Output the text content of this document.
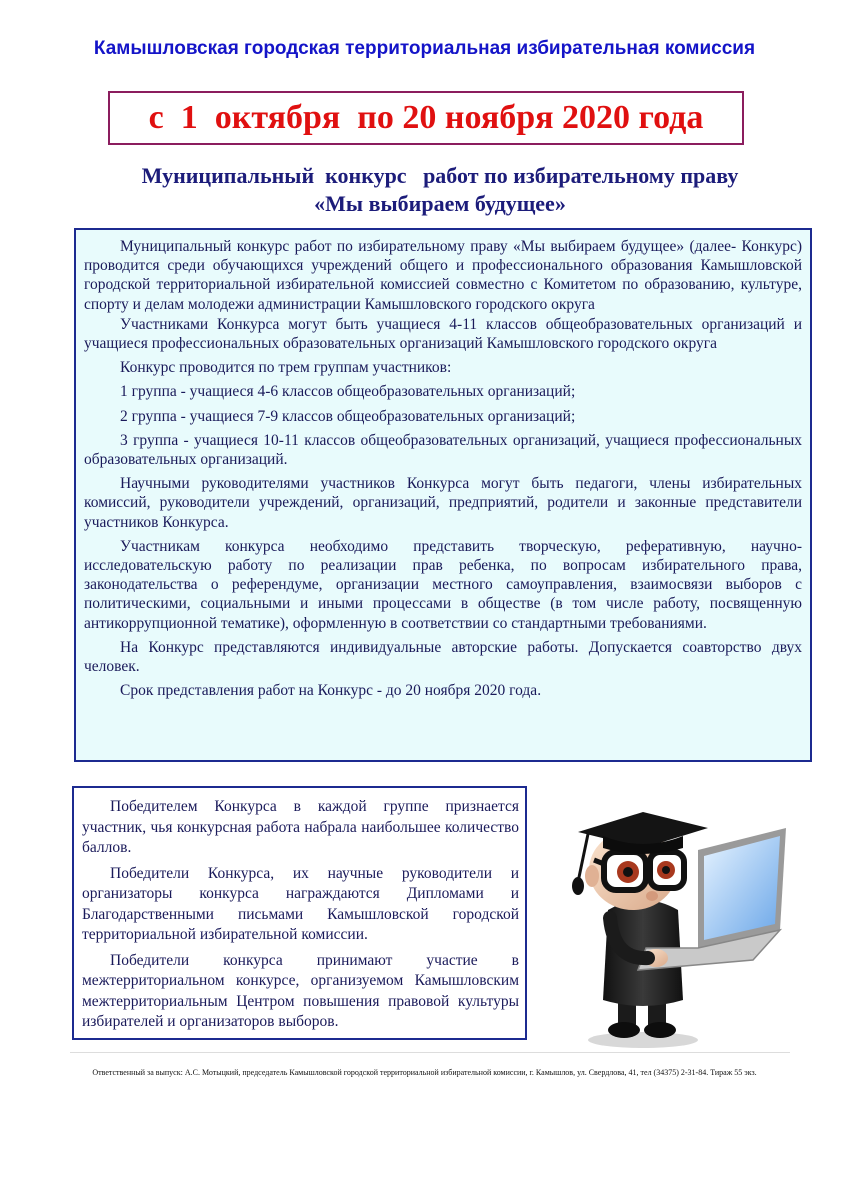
Камышловская городская территориальная избирательная комиссия
с  1  октября  по 20 ноября 2020 года
Муниципальный  конкурс   работ по избирательному праву
«Мы выбираем будущее»

Муниципальный конкурс работ по избирательному праву «Мы выбираем будущее» (далее- Конкурс) проводится среди обучающихся учреждений общего и профессионального образования Камышловской городской территориальной избирательной комиссией совместно с Комитетом по образованию, культуре, спорту и делам молодежи администрации Камышловского городского округа

Участниками Конкурса могут быть учащиеся 4-11 классов общеобразовательных организаций и учащиеся профессиональных образовательных организаций Камышловского городского округа

Конкурс проводится по трем группам участников:

1 группа - учащиеся 4-6 классов общеобразовательных организаций;

2 группа - учащиеся 7-9 классов общеобразовательных организаций;

3 группа - учащиеся 10-11 классов общеобразовательных организаций, учащиеся профессиональных образовательных организаций.

Научными руководителями участников Конкурса могут быть педагоги, члены избирательных комиссий, руководители учреждений, организаций, предприятий, родители и законные представители участников Конкурса.

Участникам конкурса необходимо представить творческую, реферативную, научно-исследовательскую работу по реализации прав ребенка, по вопросам избирательного права, законодательства о референдуме, организации местного самоуправления, взаимосвязи выборов с политическими, социальными и иными процессами в обществе (в том числе работу, посвященную антикоррупционной тематике), оформленную в соответствии со стандартными требованиями.

На Конкурс представляются индивидуальные авторские работы. Допускается соавторство двух человек.

Срок представления работ на Конкурс - до 20 ноября 2020 года.

Победителем Конкурса в каждой группе признается участник, чья конкурсная работа набрала наибольшее количество баллов.

Победители Конкурса, их научные руководители и организаторы конкурса награждаются Дипломами и Благодарственными письмами Камышловской городской территориальной избирательной комиссии.

Победители конкурса принимают участие в межтерриториальном конкурсе, организуемом Камышловским межтерриториальным Центром повышения правовой культуры избирателей и организаторов выборов.

Ответственный за выпуск: А.С. Мотыцкий, председатель Камышловской городской территориальной избирательной комиссии, г. Камышлов, ул. Свердлова, 41, тел (34375) 2-31-84. Тираж 55 экз.
